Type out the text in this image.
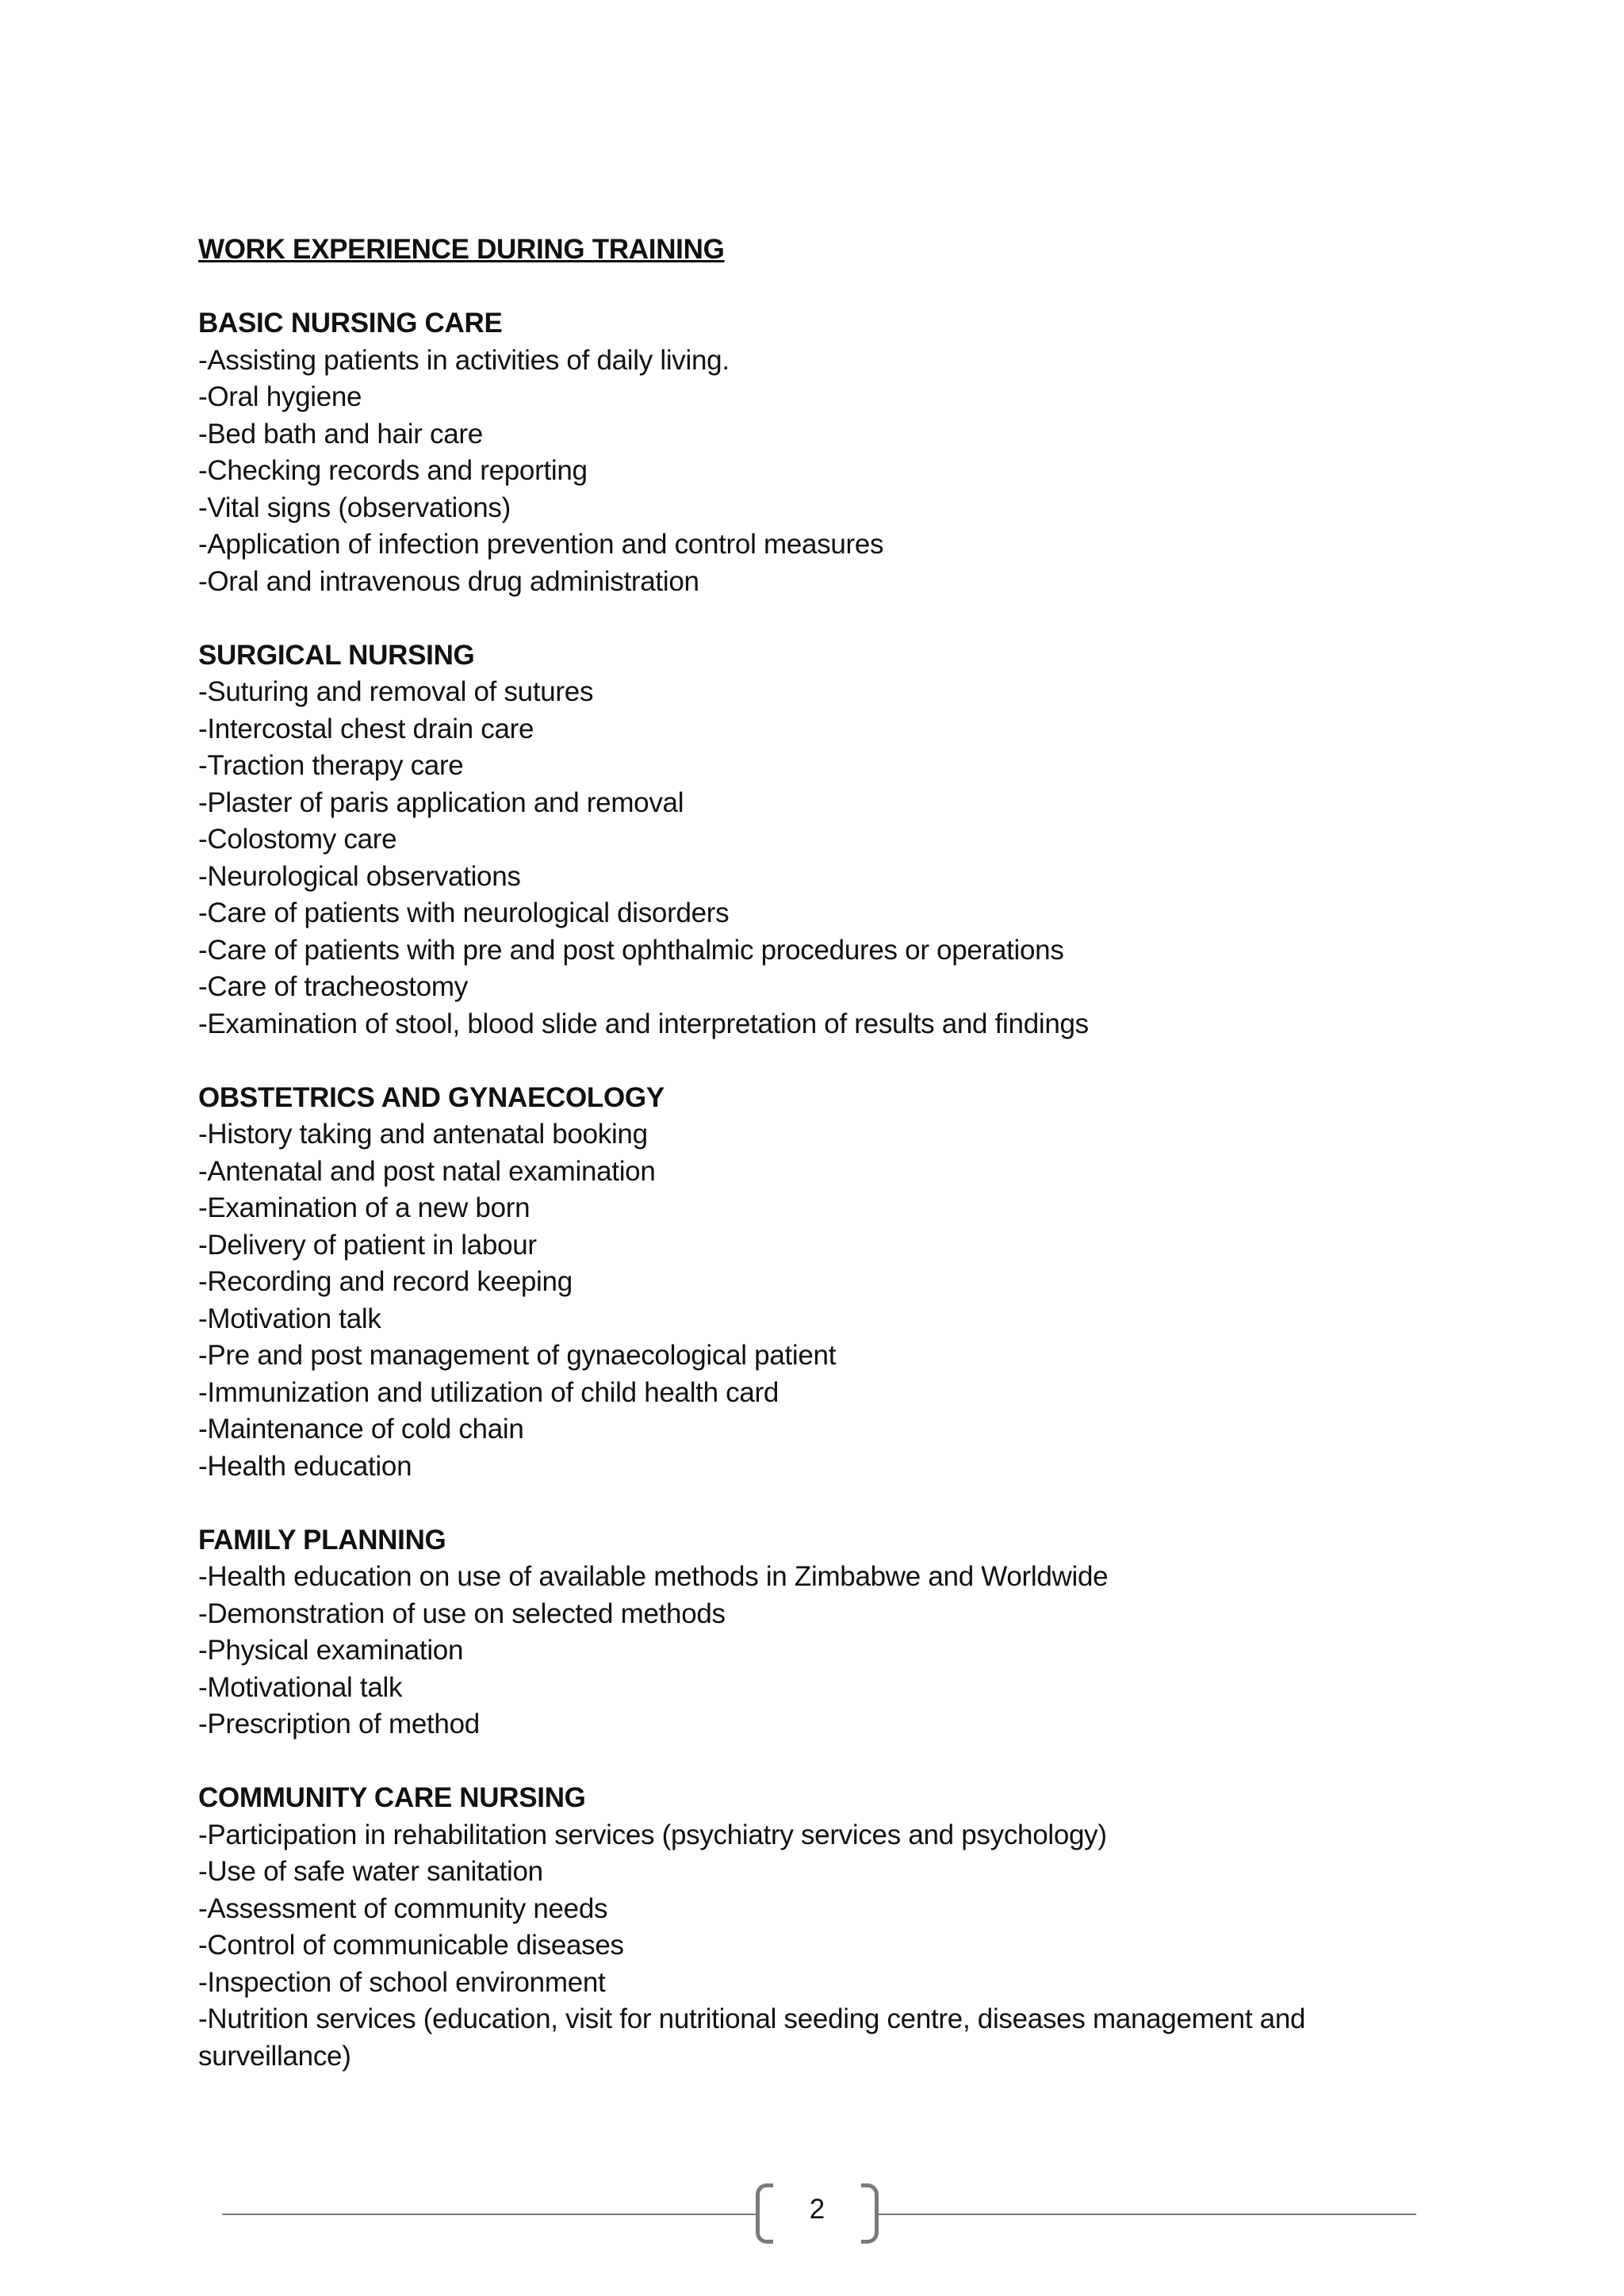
WORK EXPERIENCE DURING TRAINING
BASIC NURSING CARE
-Assisting patients in activities of daily living.
-Oral hygiene
-Bed bath and hair care
-Checking records and reporting
-Vital signs (observations)
-Application of infection prevention and control measures
-Oral and intravenous drug administration
SURGICAL NURSING
-Suturing and removal of sutures
-Intercostal chest drain care
-Traction therapy care
-Plaster of paris application and removal
-Colostomy care
-Neurological observations
-Care of patients with neurological disorders
-Care of patients with pre and post ophthalmic procedures or operations
-Care of tracheostomy
-Examination of stool, blood slide and interpretation of results and findings
OBSTETRICS AND GYNAECOLOGY
-History taking and antenatal booking
-Antenatal and post natal examination
-Examination of a new born
-Delivery of patient in labour
-Recording and record keeping
-Motivation talk
-Pre and post management of gynaecological patient
-Immunization and utilization of child health card
-Maintenance of cold chain
-Health education
FAMILY PLANNING
-Health education on use of available methods in Zimbabwe and Worldwide
-Demonstration of use on selected methods
-Physical examination
-Motivational talk
-Prescription of method
COMMUNITY CARE NURSING
-Participation in rehabilitation services (psychiatry services and psychology)
-Use of safe water sanitation
-Assessment of community needs
-Control of communicable diseases
-Inspection of school environment
-Nutrition services (education, visit for nutritional seeding centre, diseases management and surveillance)
2
